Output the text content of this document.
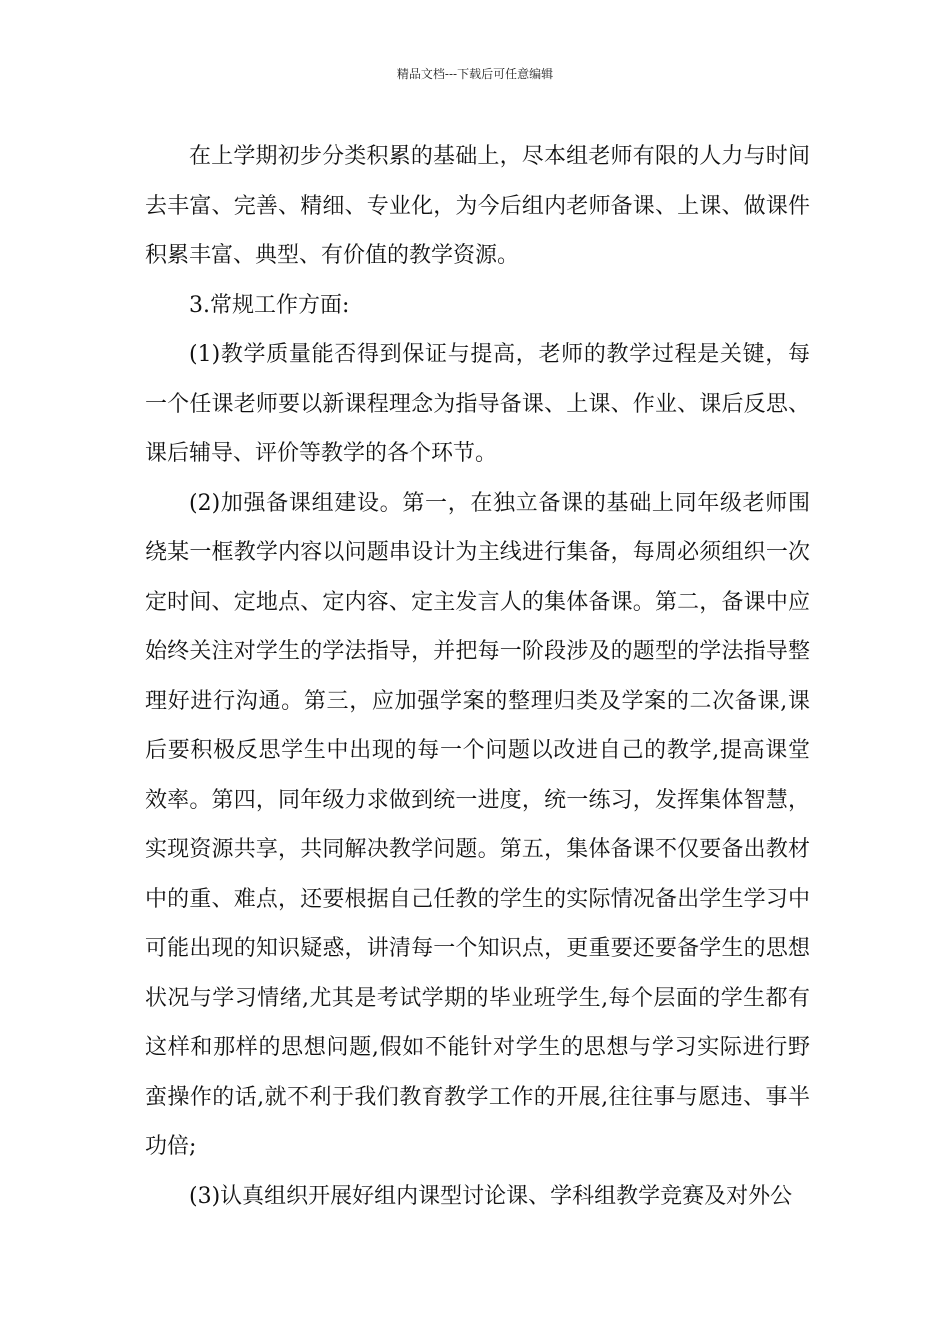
精品文档---下载后可任意编辑

在上学期初步分类积累的基础上，尽本组老师有限的人力与时间去丰富、完善、精细、专业化，为今后组内老师备课、上课、做课件积累丰富、典型、有价值的教学资源。

3.常规工作方面:

(1)教学质量能否得到保证与提高，老师的教学过程是关键，每一个任课老师要以新课程理念为指导备课、上课、作业、课后反思、课后辅导、评价等教学的各个环节。

(2)加强备课组建设。第一，在独立备课的基础上同年级老师围绕某一框教学内容以问题串设计为主线进行集备，每周必须组织一次定时间、定地点、定内容、定主发言人的集体备课。第二，备课中应始终关注对学生的学法指导，并把每一阶段涉及的题型的学法指导整理好进行沟通。第三，应加强学案的整理归类及学案的二次备课,课后要积极反思学生中出现的每一个问题以改进自己的教学,提高课堂效率。第四，同年级力求做到统一进度，统一练习，发挥集体智慧，实现资源共享，共同解决教学问题。第五，集体备课不仅要备出教材中的重、难点，还要根据自己任教的学生的实际情况备出学生学习中可能出现的知识疑惑，讲清每一个知识点，更重要还要备学生的思想状况与学习情绪,尤其是考试学期的毕业班学生,每个层面的学生都有这样和那样的思想问题,假如不能针对学生的思想与学习实际进行野蛮操作的话,就不利于我们教育教学工作的开展,往往事与愿违、事半功倍;

(3)认真组织开展好组内课型讨论课、学科组教学竞赛及对外公
